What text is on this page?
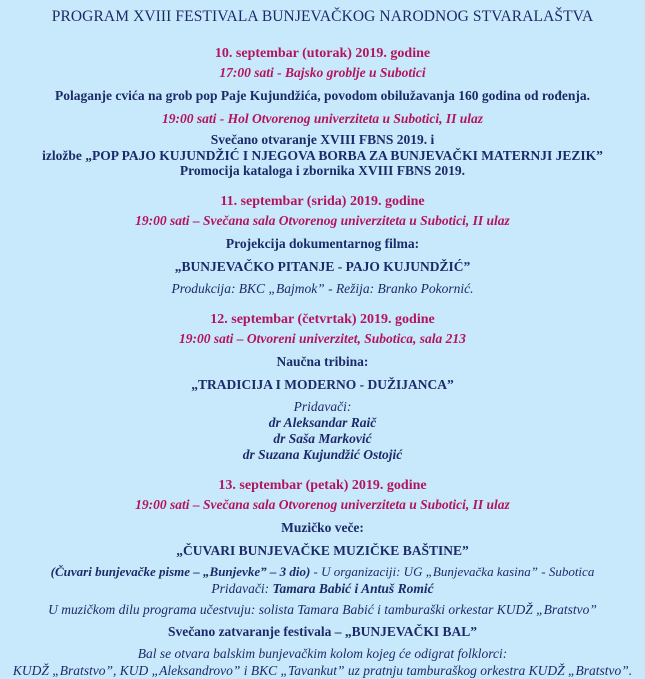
PROGRAM XVIII FESTIVALA BUNJEVAČKOG NARODNOG STVARALAŠTVA

10. septembar (utorak) 2019. godine

17:00 sati - Bajsko groblje u Subotici

Polaganje cvića na grob pop Paje Kujundžića, povodom obilužavanja 160 godina od rođenja.

19:00 sati - Hol Otvorenog univerziteta u Subotici, II ulaz

Svečano otvaranje XVIII FBNS 2019. i

izložbe „POP PAJO KUJUNDŽIĆ I NJEGOVA BORBA ZA BUNJEVAČKI MATERNJI JEZIK”

Promocija kataloga i zbornika XVIII FBNS 2019.

11. septembar (srida) 2019. godine

19:00 sati – Svečana sala Otvorenog univerziteta u Subotici, II ulaz

Projekcija dokumentarnog filma:

„BUNJEVAČKO PITANJE - PAJO KUJUNDŽIĆ”

Produkcija: BKC „Bajmok” - Režija: Branko Pokornić.

12. septembar (četvrtak) 2019. godine

19:00 sati – Otvoreni univerzitet, Subotica, sala 213

Naučna tribina:

„TRADICIJA I MODERNO - DUŽIJANCA”

Pridavači:

dr Aleksandar Raič

dr Saša Marković

dr Suzana Kujundžić Ostojić

13. septembar (petak) 2019. godine

19:00 sati – Svečana sala Otvorenog univerziteta u Subotici, II ulaz

Muzičko veče:

„ČUVARI BUNJEVAČKE MUZIČKE BAŠTINE”

(Čuvari bunjevačke pisme – „Bunjevke” – 3 dio) - U organizaciji: UG „Bunjevačka kasina” - Subotica

Pridavači: Tamara Babić i Antuš Romić

U muzičkom dilu programa učestvuju: solista Tamara Babić i tamburaški orkestar KUDŽ „Bratstvo”

Svečano zatvaranje festivala – „BUNJEVAČKI BAL”

Bal se otvara balskim bunjevačkim kolom kojeg će odigrat folklorci:

KUDŽ „Bratstvo”, KUD „Aleksandrovo” i BKC „Tavankut” uz pratnju tamburaškog orkestra KUDŽ „Bratstvo”.
